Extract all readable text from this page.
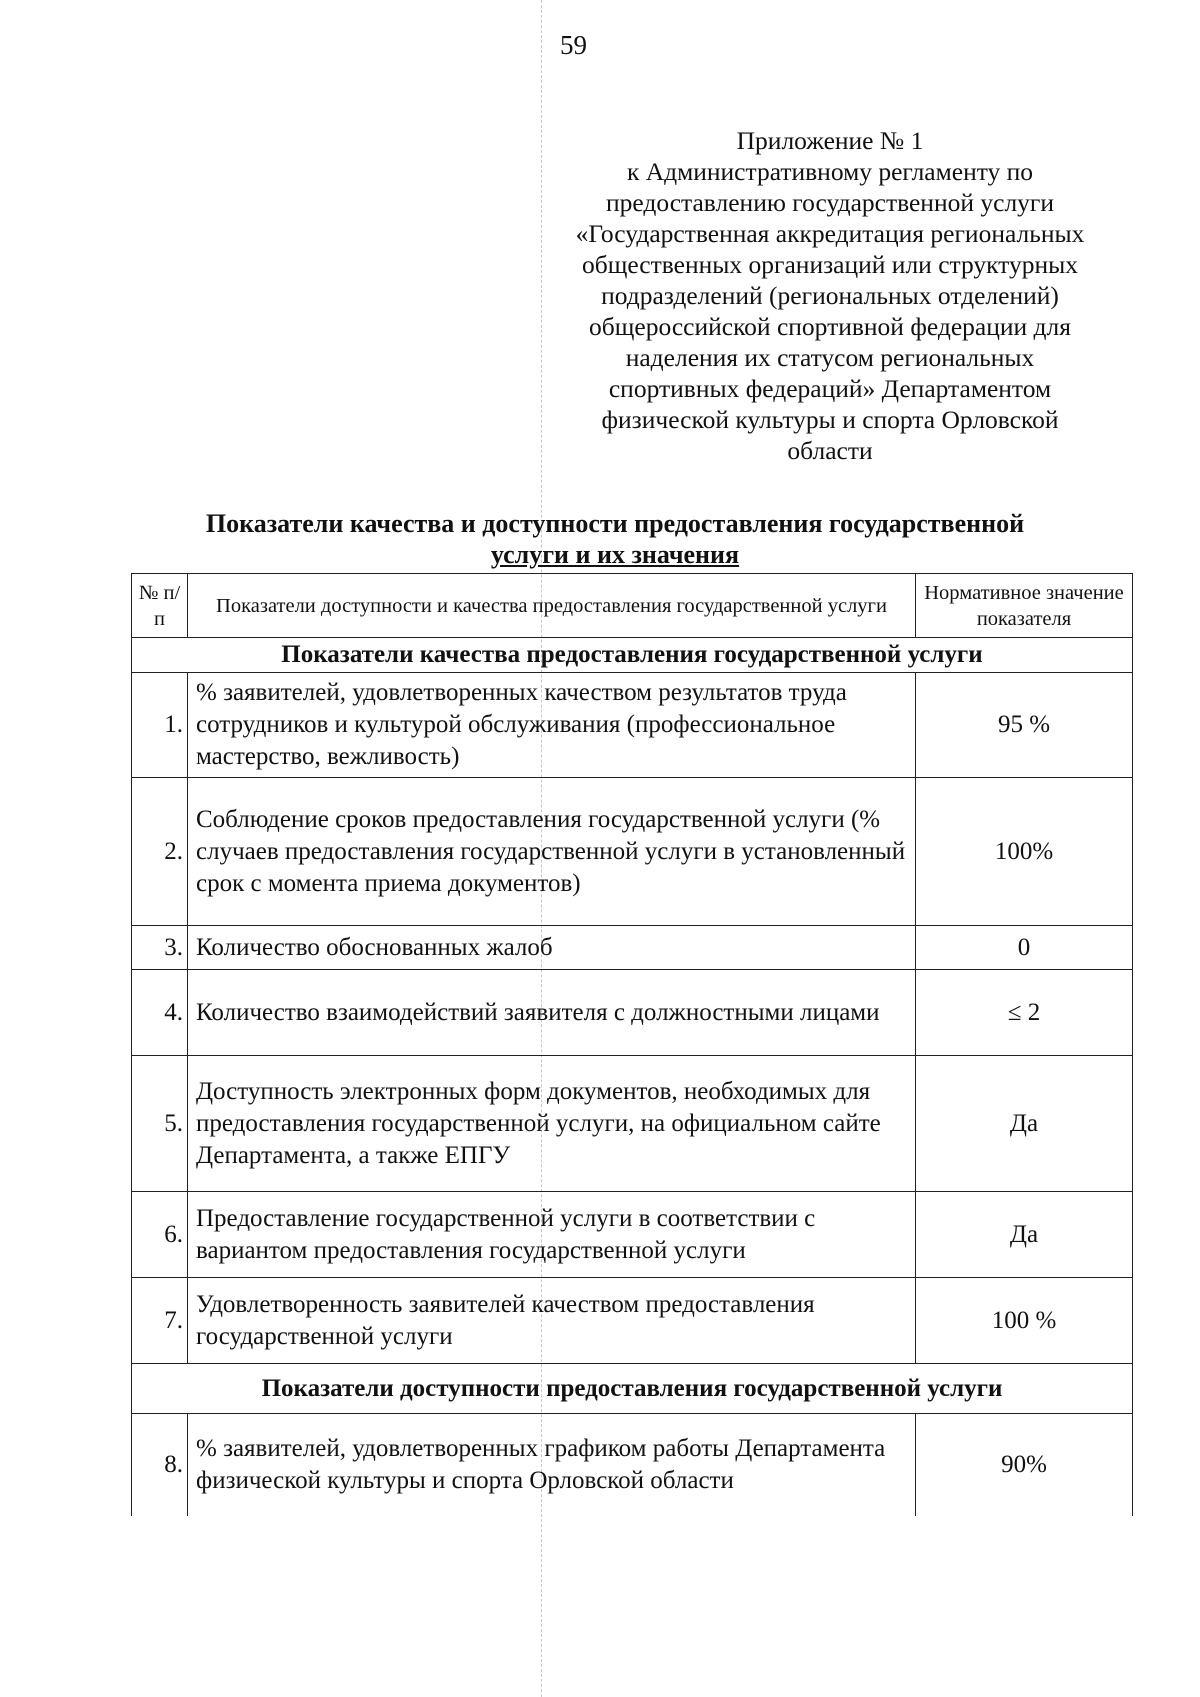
59
Приложение № 1
к Административному регламенту по
предоставлению государственной услуги
«Государственная аккредитация региональных
общественных организаций или структурных
подразделений (региональных отделений)
общероссийской спортивной федерации для
наделения их статусом региональных
спортивных федераций» Департаментом
физической культуры и спорта Орловской
области
Показатели качества и доступности предоставления государственной
услуги и их значения
№ п/п	Показатели доступности и качества предоставления государственной услуги	Нормативное значение показателя
Показатели качества предоставления государственной услуги		
1.	% заявителей, удовлетворенных качеством результатов труда сотрудников и культурой обслуживания (профессиональное мастерство, вежливость)	95 %
2.	Соблюдение сроков предоставления государственной услуги (% случаев предоставления государственной услуги в установленный срок с момента приема документов)	100%
3.	Количество обоснованных жалоб	0
4.	Количество взаимодействий заявителя с должностными лицами	≤ 2
5.	Доступность электронных форм документов, необходимых для предоставления государственной услуги, на официальном сайте Департамента, а также ЕПГУ	Да
6.	Предоставление государственной услуги в соответствии с вариантом предоставления государственной услуги	Да
7.	Удовлетворенность заявителей качеством предоставления государственной услуги	100 %
Показатели доступности предоставления государственной услуги		
8.	% заявителей, удовлетворенных графиком работы Департамента физической культуры и спорта Орловской области	90%
